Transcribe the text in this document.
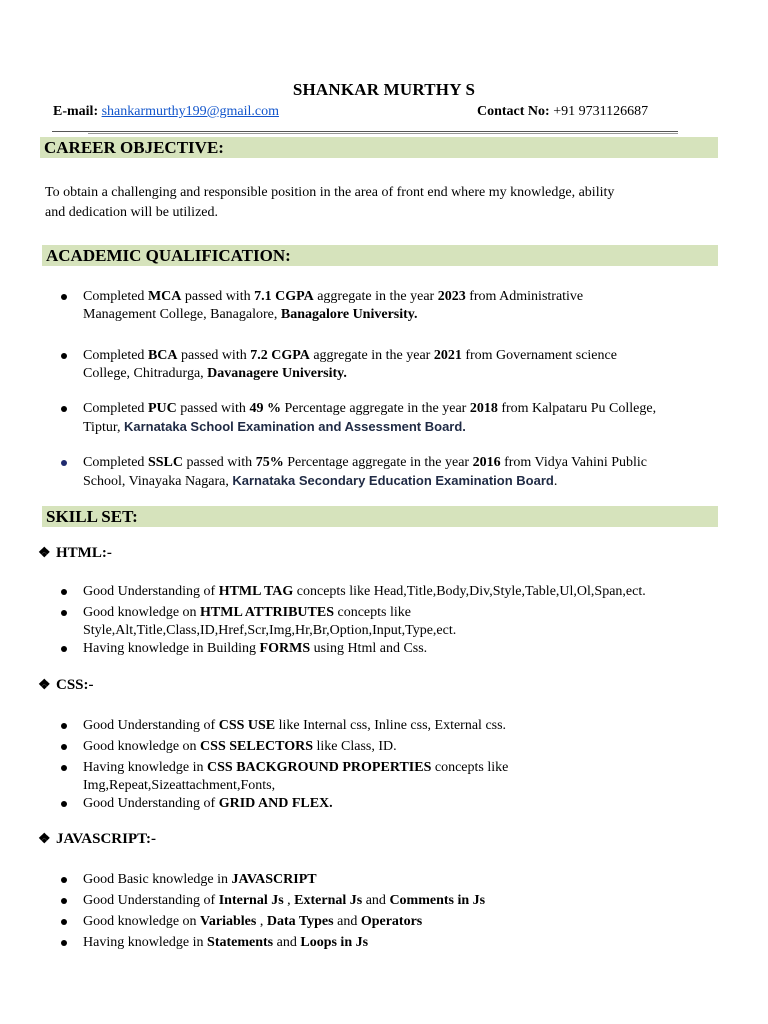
SHANKAR MURTHY S
E-mail: shankarmurthy199@gmail.com	Contact No: +91 9731126687
CAREER OBJECTIVE:
To obtain a challenging and responsible position in the area of front end where my knowledge, ability
and dedication will be utilized.
ACADEMIC QUALIFICATION:
Completed MCA passed with 7.1 CGPA aggregate in the year 2023 from Administrative
Management College, Banagalore, Banagalore University.
Completed BCA passed with 7.2 CGPA aggregate in the year 2021 from Governament science
College, Chitradurga, Davanagere University.
Completed PUC passed with 49 % Percentage aggregate in the year 2018 from Kalpataru Pu College,
Tiptur, Karnataka School Examination and Assessment Board.
Completed SSLC passed with 75% Percentage aggregate in the year 2016 from Vidya Vahini Public
School, Vinayaka Nagara, Karnataka Secondary Education Examination Board.
SKILL SET:
❖ HTML:-
Good Understanding of HTML TAG concepts like Head,Title,Body,Div,Style,Table,Ul,Ol,Span,ect.
Good knowledge on HTML ATTRIBUTES concepts like
Style,Alt,Title,Class,ID,Href,Scr,Img,Hr,Br,Option,Input,Type,ect.
Having knowledge in Building FORMS using Html and Css.
❖ CSS:-
Good Understanding of CSS USE like Internal css, Inline css, External css.
Good knowledge on CSS SELECTORS like Class, ID.
Having knowledge in CSS BACKGROUND PROPERTIES concepts like
Img,Repeat,Sizeattachment,Fonts,
Good Understanding of GRID AND FLEX.
❖ JAVASCRIPT:-
Good Basic knowledge in JAVASCRIPT
Good Understanding of Internal Js , External Js and Comments in Js
Good knowledge on Variables , Data Types and Operators
Having knowledge in Statements and Loops in Js
